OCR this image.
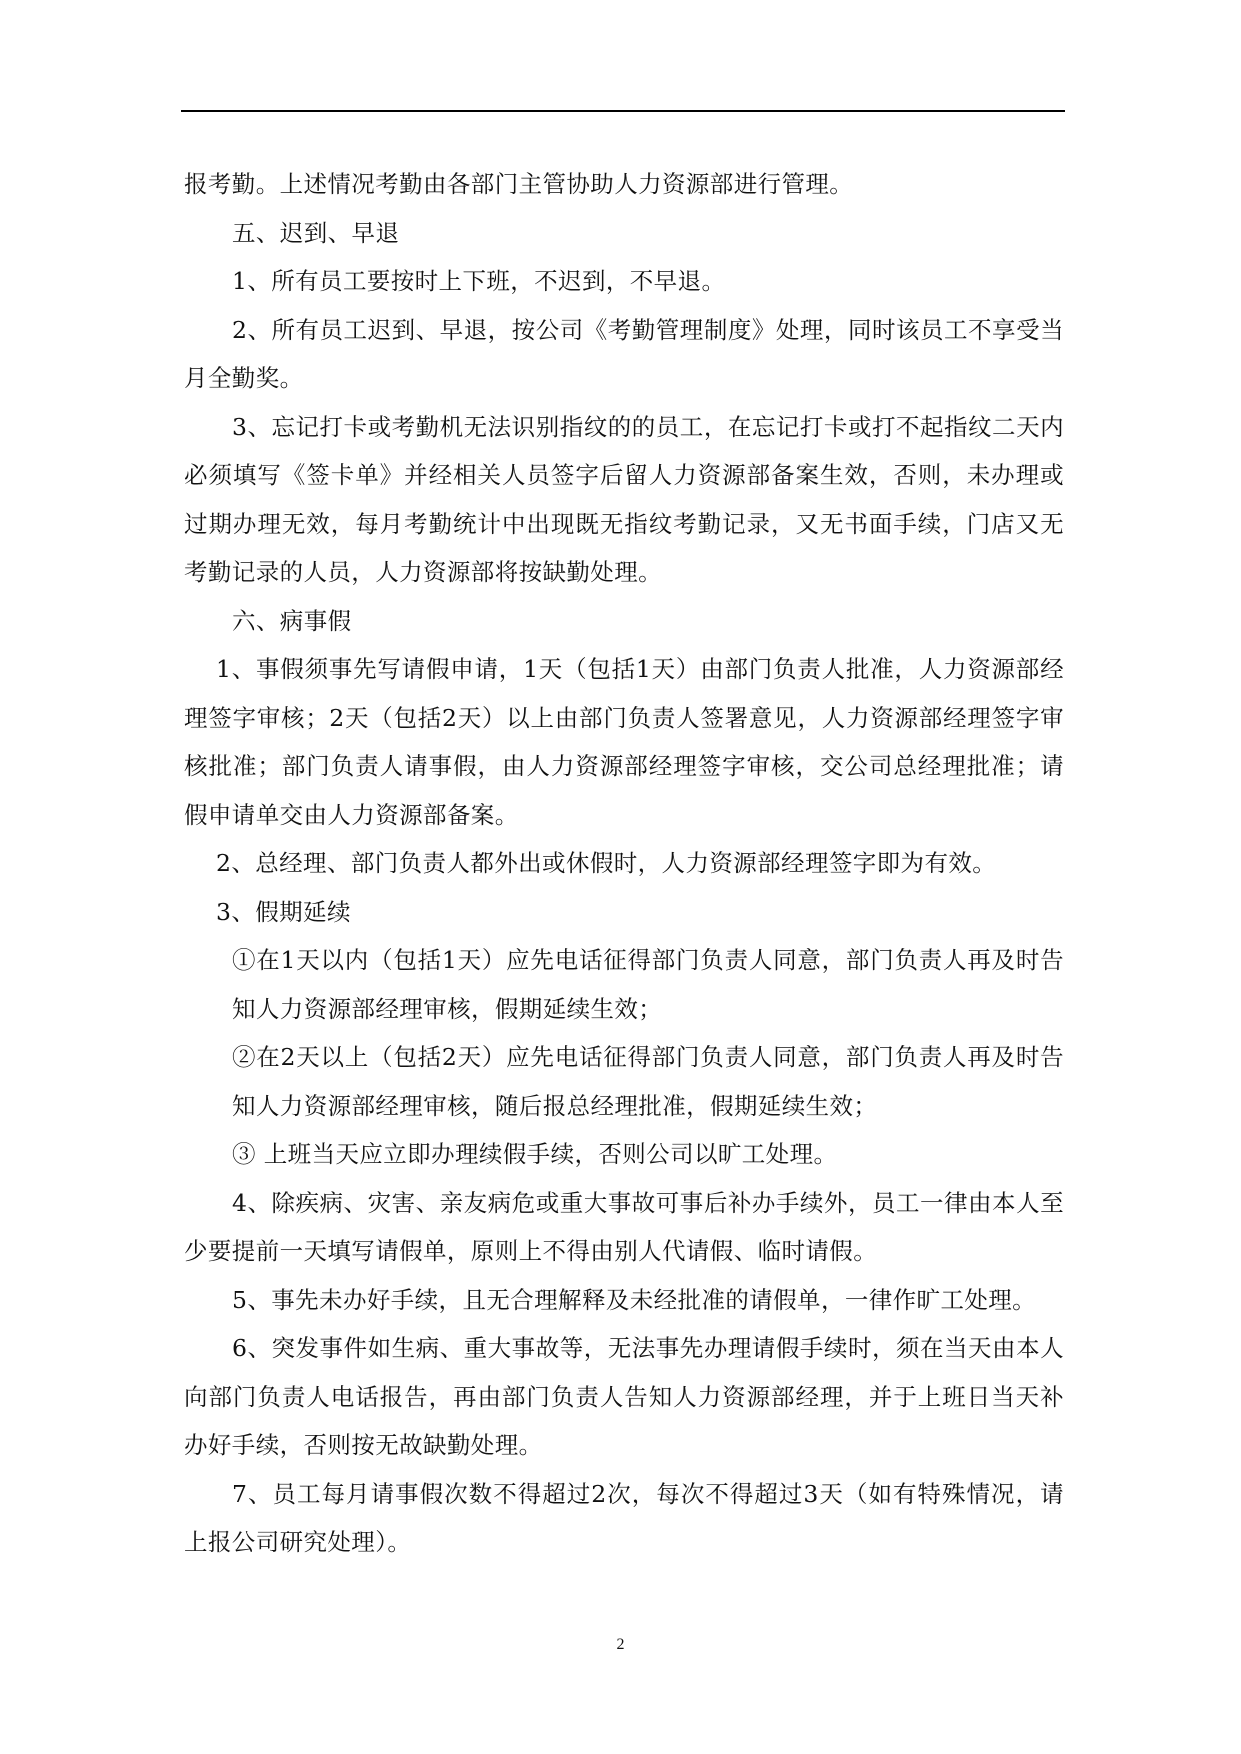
报考勤。上述情况考勤由各部门主管协助人力资源部进行管理。

五、迟到、早退

1、所有员工要按时上下班，不迟到，不早退。

2、所有员工迟到、早退，按公司《考勤管理制度》处理，同时该员工不享受当月全勤奖。

3、忘记打卡或考勤机无法识别指纹的的员工，在忘记打卡或打不起指纹二天内必须填写《签卡单》并经相关人员签字后留人力资源部备案生效，否则，未办理或过期办理无效，每月考勤统计中出现既无指纹考勤记录，又无书面手续，门店又无考勤记录的人员，人力资源部将按缺勤处理。

六、病事假

1、事假须事先写请假申请，1天（包括1天）由部门负责人批准，人力资源部经理签字审核；2天（包括2天）以上由部门负责人签署意见，人力资源部经理签字审核批准；部门负责人请事假，由人力资源部经理签字审核，交公司总经理批准；请假申请单交由人力资源部备案。

2、总经理、部门负责人都外出或休假时，人力资源部经理签字即为有效。

3、假期延续

①在1天以内（包括1天）应先电话征得部门负责人同意，部门负责人再及时告知人力资源部经理审核，假期延续生效；

②在2天以上（包括2天）应先电话征得部门负责人同意，部门负责人再及时告知人力资源部经理审核，随后报总经理批准，假期延续生效；

③ 上班当天应立即办理续假手续，否则公司以旷工处理。

4、除疾病、灾害、亲友病危或重大事故可事后补办手续外，员工一律由本人至少要提前一天填写请假单，原则上不得由别人代请假、临时请假。

5、事先未办好手续，且无合理解释及未经批准的请假单，一律作旷工处理。

6、突发事件如生病、重大事故等，无法事先办理请假手续时，须在当天由本人向部门负责人电话报告，再由部门负责人告知人力资源部经理，并于上班日当天补办好手续，否则按无故缺勤处理。

7、员工每月请事假次数不得超过2次，每次不得超过3天（如有特殊情况，请上报公司研究处理）。

2
